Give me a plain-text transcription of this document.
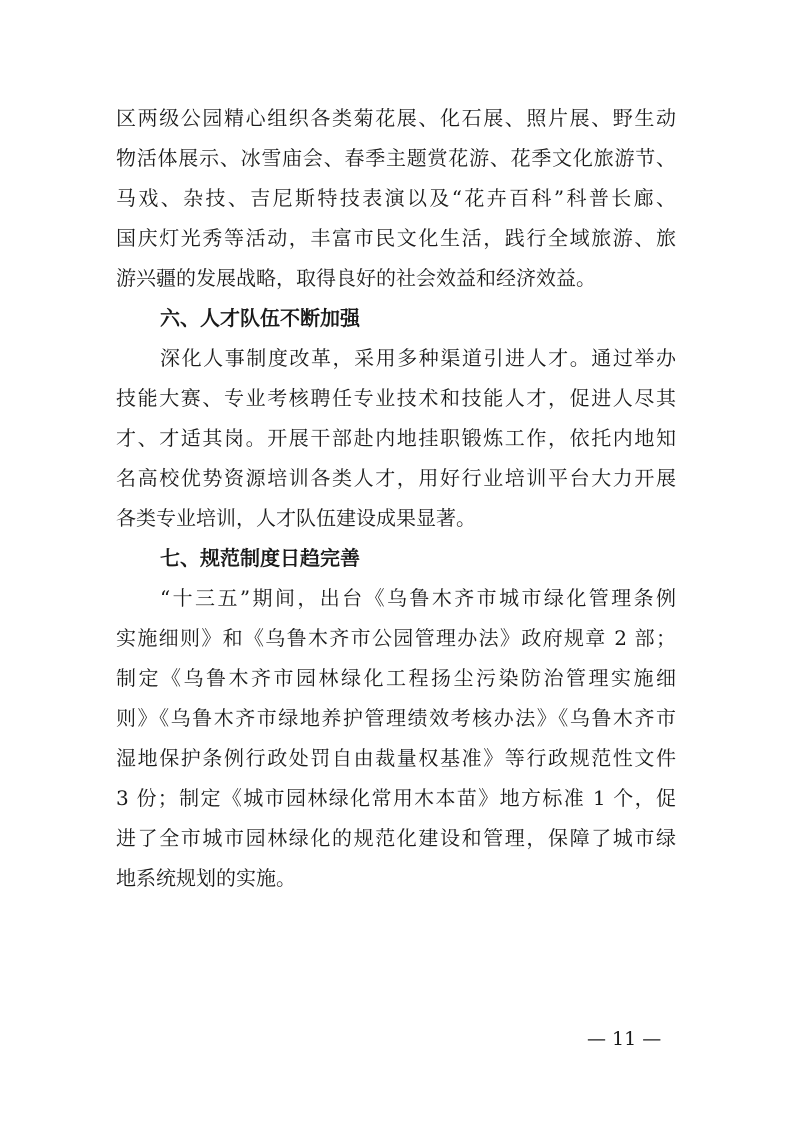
区两级公园精心组织各类菊花展、化石展、照片展、野生动
物活体展示、冰雪庙会、春季主题赏花游、花季文化旅游节、
马戏、杂技、吉尼斯特技表演以及“花卉百科”科普长廊、
国庆灯光秀等活动，丰富市民文化生活，践行全域旅游、旅
游兴疆的发展战略，取得良好的社会效益和经济效益。
六、人才队伍不断加强
深化人事制度改革，采用多种渠道引进人才。通过举办
技能大赛、专业考核聘任专业技术和技能人才，促进人尽其
才、才适其岗。开展干部赴内地挂职锻炼工作，依托内地知
名高校优势资源培训各类人才，用好行业培训平台大力开展
各类专业培训，人才队伍建设成果显著。
七、规范制度日趋完善
“十三五”期间，出台《乌鲁木齐市城市绿化管理条例
实施细则》和《乌鲁木齐市公园管理办法》政府规章 2 部；
制定《乌鲁木齐市园林绿化工程扬尘污染防治管理实施细
则》《乌鲁木齐市绿地养护管理绩效考核办法》《乌鲁木齐市
湿地保护条例行政处罚自由裁量权基准》等行政规范性文件
3 份；制定《城市园林绿化常用木本苗》地方标准 1 个，促
进了全市城市园林绿化的规范化建设和管理，保障了城市绿
地系统规划的实施。
— 11 —
